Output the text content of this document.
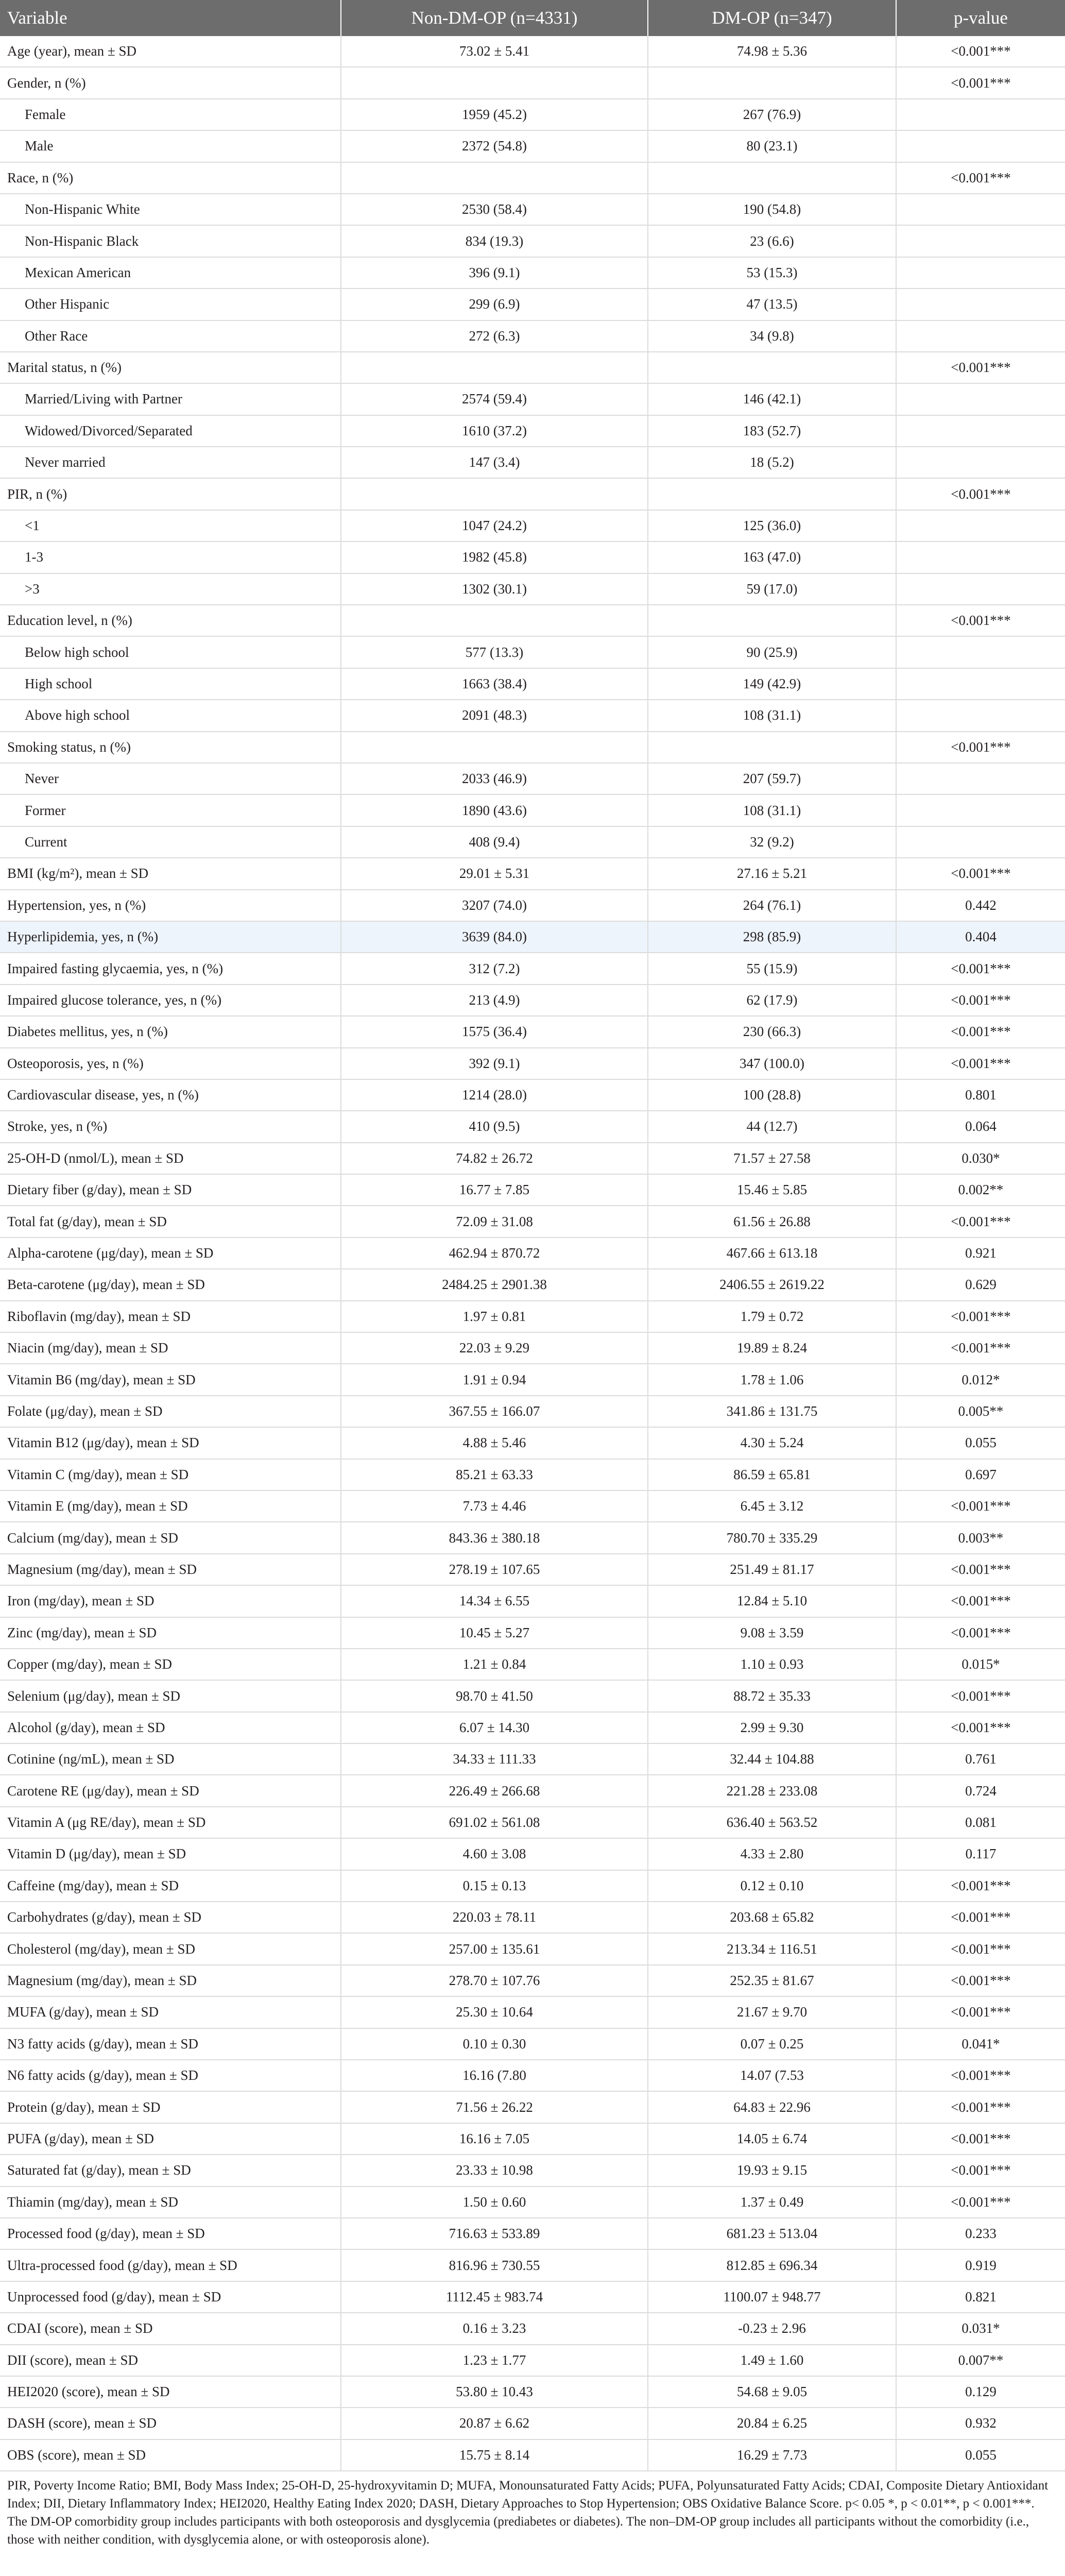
Variable	Non-DM-OP (n=4331)	DM-OP (n=347)	p-value
Age (year), mean ± SD	73.02 ± 5.41	74.98 ± 5.36	<0.001***
Gender, n (%)			<0.001***
Female	1959 (45.2)	267 (76.9)	
Male	2372 (54.8)	80 (23.1)	
Race, n (%)			<0.001***
Non-Hispanic White	2530 (58.4)	190 (54.8)	
Non-Hispanic Black	834 (19.3)	23 (6.6)	
Mexican American	396 (9.1)	53 (15.3)	
Other Hispanic	299 (6.9)	47 (13.5)	
Other Race	272 (6.3)	34 (9.8)	
Marital status, n (%)			<0.001***
Married/Living with Partner	2574 (59.4)	146 (42.1)	
Widowed/Divorced/Separated	1610 (37.2)	183 (52.7)	
Never married	147 (3.4)	18 (5.2)	
PIR, n (%)			<0.001***
<1	1047 (24.2)	125 (36.0)	
1-3	1982 (45.8)	163 (47.0)	
>3	1302 (30.1)	59 (17.0)	
Education level, n (%)			<0.001***
Below high school	577 (13.3)	90 (25.9)	
High school	1663 (38.4)	149 (42.9)	
Above high school	2091 (48.3)	108 (31.1)	
Smoking status, n (%)			<0.001***
Never	2033 (46.9)	207 (59.7)	
Former	1890 (43.6)	108 (31.1)	
Current	408 (9.4)	32 (9.2)	
BMI (kg/m²), mean ± SD	29.01 ± 5.31	27.16 ± 5.21	<0.001***
Hypertension, yes, n (%)	3207 (74.0)	264 (76.1)	0.442
Hyperlipidemia, yes, n (%)	3639 (84.0)	298 (85.9)	0.404
Impaired fasting glycaemia, yes, n (%)	312 (7.2)	55 (15.9)	<0.001***
Impaired glucose tolerance, yes, n (%)	213 (4.9)	62 (17.9)	<0.001***
Diabetes mellitus, yes, n (%)	1575 (36.4)	230 (66.3)	<0.001***
Osteoporosis, yes, n (%)	392 (9.1)	347 (100.0)	<0.001***
Cardiovascular disease, yes, n (%)	1214 (28.0)	100 (28.8)	0.801
Stroke, yes, n (%)	410 (9.5)	44 (12.7)	0.064
25-OH-D (nmol/L), mean ± SD	74.82 ± 26.72	71.57 ± 27.58	0.030*
Dietary fiber (g/day), mean ± SD	16.77 ± 7.85	15.46 ± 5.85	0.002**
Total fat (g/day), mean ± SD	72.09 ± 31.08	61.56 ± 26.88	<0.001***
Alpha-carotene (μg/day), mean ± SD	462.94 ± 870.72	467.66 ± 613.18	0.921
Beta-carotene (μg/day), mean ± SD	2484.25 ± 2901.38	2406.55 ± 2619.22	0.629
Riboflavin (mg/day), mean ± SD	1.97 ± 0.81	1.79 ± 0.72	<0.001***
Niacin (mg/day), mean ± SD	22.03 ± 9.29	19.89 ± 8.24	<0.001***
Vitamin B6 (mg/day), mean ± SD	1.91 ± 0.94	1.78 ± 1.06	0.012*
Folate (μg/day), mean ± SD	367.55 ± 166.07	341.86 ± 131.75	0.005**
Vitamin B12 (μg/day), mean ± SD	4.88 ± 5.46	4.30 ± 5.24	0.055
Vitamin C (mg/day), mean ± SD	85.21 ± 63.33	86.59 ± 65.81	0.697
Vitamin E (mg/day), mean ± SD	7.73 ± 4.46	6.45 ± 3.12	<0.001***
Calcium (mg/day), mean ± SD	843.36 ± 380.18	780.70 ± 335.29	0.003**
Magnesium (mg/day), mean ± SD	278.19 ± 107.65	251.49 ± 81.17	<0.001***
Iron (mg/day), mean ± SD	14.34 ± 6.55	12.84 ± 5.10	<0.001***
Zinc (mg/day), mean ± SD	10.45 ± 5.27	9.08 ± 3.59	<0.001***
Copper (mg/day), mean ± SD	1.21 ± 0.84	1.10 ± 0.93	0.015*
Selenium (μg/day), mean ± SD	98.70 ± 41.50	88.72 ± 35.33	<0.001***
Alcohol (g/day), mean ± SD	6.07 ± 14.30	2.99 ± 9.30	<0.001***
Cotinine (ng/mL), mean ± SD	34.33 ± 111.33	32.44 ± 104.88	0.761
Carotene RE (μg/day), mean ± SD	226.49 ± 266.68	221.28 ± 233.08	0.724
Vitamin A (μg RE/day), mean ± SD	691.02 ± 561.08	636.40 ± 563.52	0.081
Vitamin D (μg/day), mean ± SD	4.60 ± 3.08	4.33 ± 2.80	0.117
Caffeine (mg/day), mean ± SD	0.15 ± 0.13	0.12 ± 0.10	<0.001***
Carbohydrates (g/day), mean ± SD	220.03 ± 78.11	203.68 ± 65.82	<0.001***
Cholesterol (mg/day), mean ± SD	257.00 ± 135.61	213.34 ± 116.51	<0.001***
Magnesium (mg/day), mean ± SD	278.70 ± 107.76	252.35 ± 81.67	<0.001***
MUFA (g/day), mean ± SD	25.30 ± 10.64	21.67 ± 9.70	<0.001***
N3 fatty acids (g/day), mean ± SD	0.10 ± 0.30	0.07 ± 0.25	0.041*
N6 fatty acids (g/day), mean ± SD	16.16 (7.80	14.07 (7.53	<0.001***
Protein (g/day), mean ± SD	71.56 ± 26.22	64.83 ± 22.96	<0.001***
PUFA (g/day), mean ± SD	16.16 ± 7.05	14.05 ± 6.74	<0.001***
Saturated fat (g/day), mean ± SD	23.33 ± 10.98	19.93 ± 9.15	<0.001***
Thiamin (mg/day), mean ± SD	1.50 ± 0.60	1.37 ± 0.49	<0.001***
Processed food (g/day), mean ± SD	716.63 ± 533.89	681.23 ± 513.04	0.233
Ultra-processed food (g/day), mean ± SD	816.96 ± 730.55	812.85 ± 696.34	0.919
Unprocessed food (g/day), mean ± SD	1112.45 ± 983.74	1100.07 ± 948.77	0.821
CDAI (score), mean ± SD	0.16 ± 3.23	-0.23 ± 2.96	0.031*
DII (score), mean ± SD	1.23 ± 1.77	1.49 ± 1.60	0.007**
HEI2020 (score), mean ± SD	53.80 ± 10.43	54.68 ± 9.05	0.129
DASH (score), mean ± SD	20.87 ± 6.62	20.84 ± 6.25	0.932
OBS (score), mean ± SD	15.75 ± 8.14	16.29 ± 7.73	0.055

PIR, Poverty Income Ratio; BMI, Body Mass Index; 25-OH-D, 25-hydroxyvitamin D; MUFA, Monounsaturated Fatty Acids; PUFA, Polyunsaturated Fatty Acids; CDAI, Composite Dietary Antioxidant Index; DII, Dietary Inflammatory Index; HEI2020, Healthy Eating Index 2020; DASH, Dietary Approaches to Stop Hypertension; OBS Oxidative Balance Score. p< 0.05 *, p < 0.01**, p < 0.001***.

The DM-OP comorbidity group includes participants with both osteoporosis and dysglycemia (prediabetes or diabetes). The non–DM-OP group includes all participants without the comorbidity (i.e., those with neither condition, with dysglycemia alone, or with osteoporosis alone).
